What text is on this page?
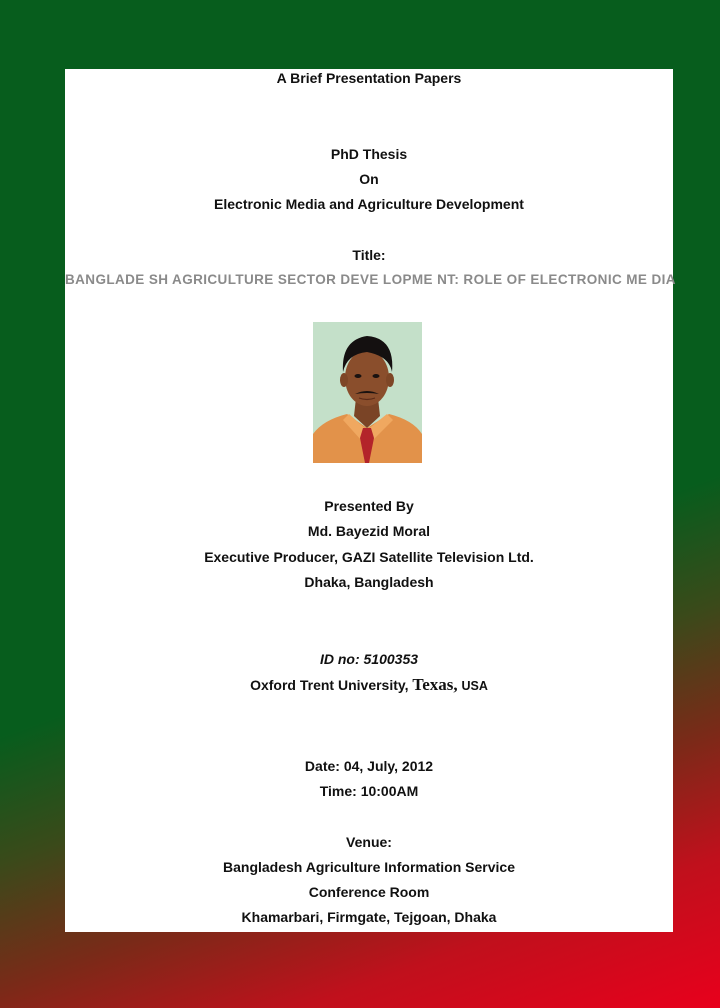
A Brief Presentation Papers
PhD Thesis
On
Electronic Media and Agriculture Development
Title:
BANGLADE SH AGRICULTURE SECTOR DEVE LOPME NT: ROLE OF ELECTRONIC ME DIA
Presented By
Md. Bayezid Moral
Executive Producer, GAZI Satellite Television Ltd.
Dhaka, Bangladesh
ID no: 5100353
Oxford Trent University, Texas, USA
Date: 04, July, 2012
Time: 10:00AM
Venue:
Bangladesh Agriculture Information Service
Conference Room
Khamarbari, Firmgate, Tejgoan, Dhaka
